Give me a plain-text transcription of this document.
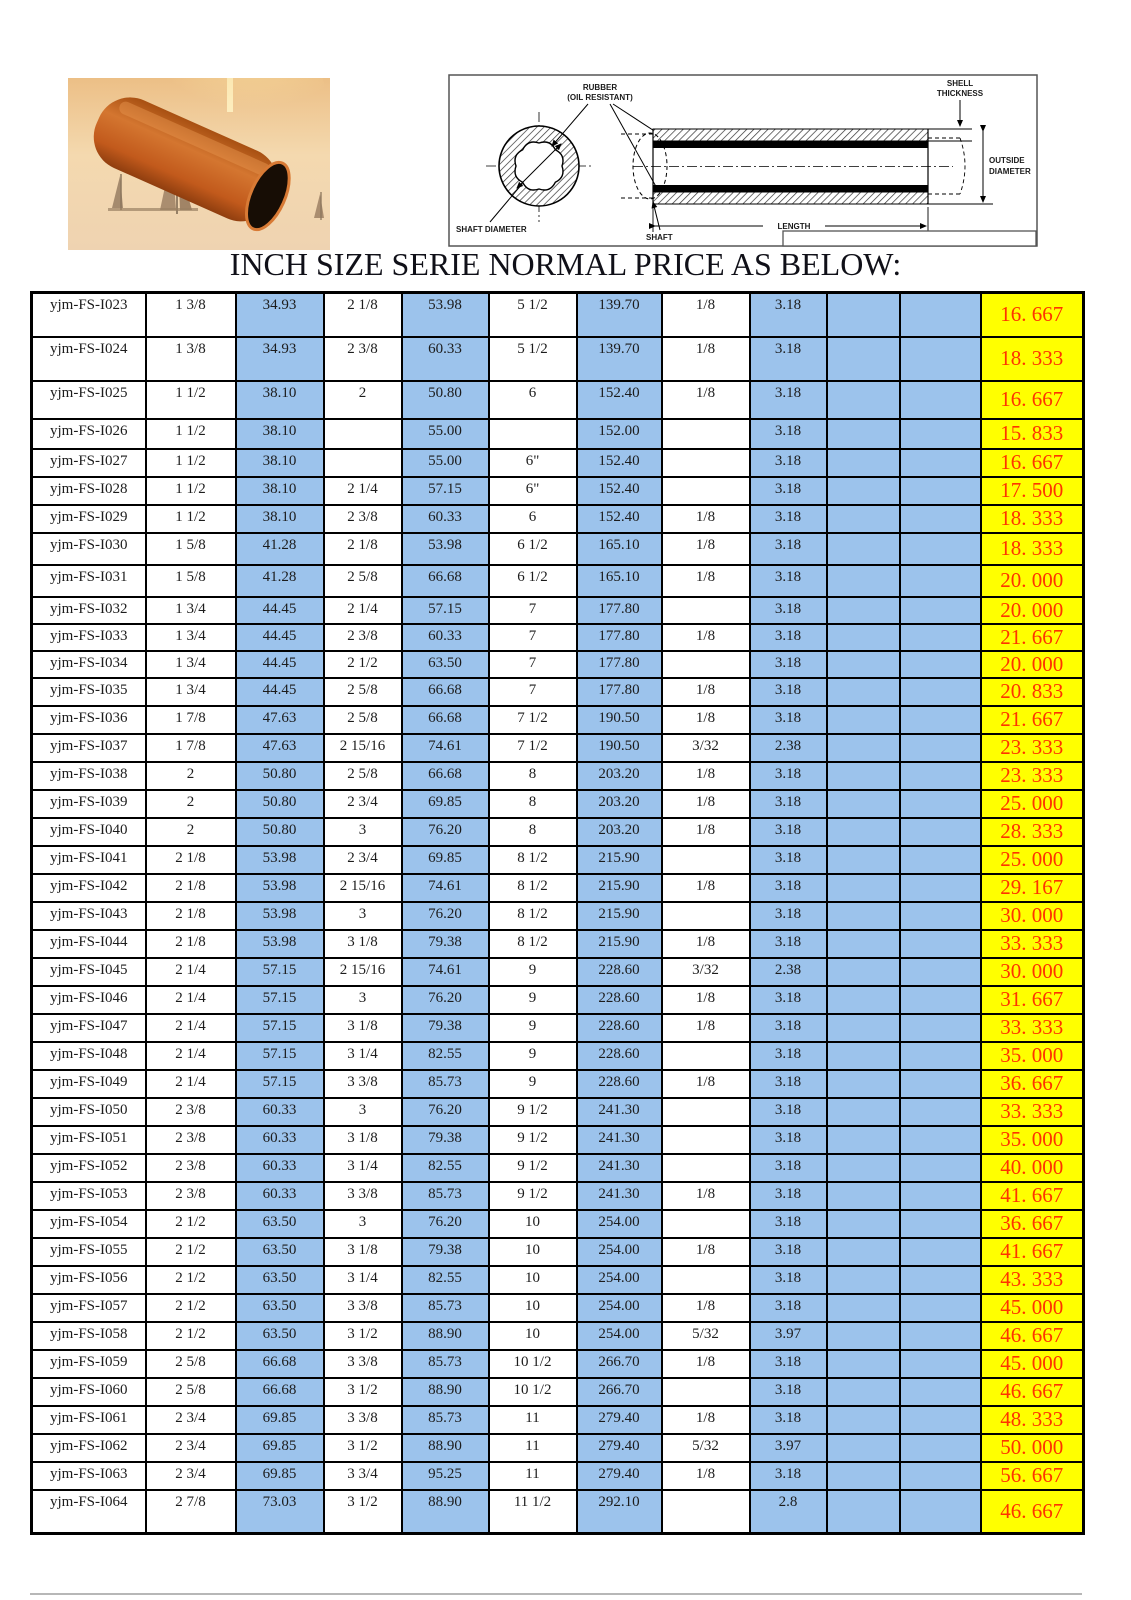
SHAFT DIAMETER
RUBBER
(OIL RESISTANT)
SHAFT
LENGTH
SHELL
THICKNESS
OUTSIDE
DIAMETER
INCH SIZE SERIE NORMAL PRICE AS BELOW:
yjm-FS-I023	1 3/8	34.93	2 1/8	53.98	5 1/2	139.70	1/8	3.18			16. 667
yjm-FS-I024	1 3/8	34.93	2 3/8	60.33	5 1/2	139.70	1/8	3.18			18. 333
yjm-FS-I025	1 1/2	38.10	2	50.80	6	152.40	1/8	3.18			16. 667
yjm-FS-I026	1 1/2	38.10		55.00		152.00		3.18			15. 833
yjm-FS-I027	1 1/2	38.10		55.00	6"	152.40		3.18			16. 667
yjm-FS-I028	1 1/2	38.10	2 1/4	57.15	6"	152.40		3.18			17. 500
yjm-FS-I029	1 1/2	38.10	2 3/8	60.33	6	152.40	1/8	3.18			18. 333
yjm-FS-I030	1 5/8	41.28	2 1/8	53.98	6 1/2	165.10	1/8	3.18			18. 333
yjm-FS-I031	1 5/8	41.28	2 5/8	66.68	6 1/2	165.10	1/8	3.18			20. 000
yjm-FS-I032	1 3/4	44.45	2 1/4	57.15	7	177.80		3.18			20. 000
yjm-FS-I033	1 3/4	44.45	2 3/8	60.33	7	177.80	1/8	3.18			21. 667
yjm-FS-I034	1 3/4	44.45	2 1/2	63.50	7	177.80		3.18			20. 000
yjm-FS-I035	1 3/4	44.45	2 5/8	66.68	7	177.80	1/8	3.18			20. 833
yjm-FS-I036	1 7/8	47.63	2 5/8	66.68	7 1/2	190.50	1/8	3.18			21. 667
yjm-FS-I037	1 7/8	47.63	2 15/16	74.61	7 1/2	190.50	3/32	2.38			23. 333
yjm-FS-I038	2	50.80	2 5/8	66.68	8	203.20	1/8	3.18			23. 333
yjm-FS-I039	2	50.80	2 3/4	69.85	8	203.20	1/8	3.18			25. 000
yjm-FS-I040	2	50.80	3	76.20	8	203.20	1/8	3.18			28. 333
yjm-FS-I041	2 1/8	53.98	2 3/4	69.85	8 1/2	215.90		3.18			25. 000
yjm-FS-I042	2 1/8	53.98	2 15/16	74.61	8 1/2	215.90	1/8	3.18			29. 167
yjm-FS-I043	2 1/8	53.98	3	76.20	8 1/2	215.90		3.18			30. 000
yjm-FS-I044	2 1/8	53.98	3 1/8	79.38	8 1/2	215.90	1/8	3.18			33. 333
yjm-FS-I045	2 1/4	57.15	2 15/16	74.61	9	228.60	3/32	2.38			30. 000
yjm-FS-I046	2 1/4	57.15	3	76.20	9	228.60	1/8	3.18			31. 667
yjm-FS-I047	2 1/4	57.15	3 1/8	79.38	9	228.60	1/8	3.18			33. 333
yjm-FS-I048	2 1/4	57.15	3 1/4	82.55	9	228.60		3.18			35. 000
yjm-FS-I049	2 1/4	57.15	3 3/8	85.73	9	228.60	1/8	3.18			36. 667
yjm-FS-I050	2 3/8	60.33	3	76.20	9 1/2	241.30		3.18			33. 333
yjm-FS-I051	2 3/8	60.33	3 1/8	79.38	9 1/2	241.30		3.18			35. 000
yjm-FS-I052	2 3/8	60.33	3 1/4	82.55	9 1/2	241.30		3.18			40. 000
yjm-FS-I053	2 3/8	60.33	3 3/8	85.73	9 1/2	241.30	1/8	3.18			41. 667
yjm-FS-I054	2 1/2	63.50	3	76.20	10	254.00		3.18			36. 667
yjm-FS-I055	2 1/2	63.50	3 1/8	79.38	10	254.00	1/8	3.18			41. 667
yjm-FS-I056	2 1/2	63.50	3 1/4	82.55	10	254.00		3.18			43. 333
yjm-FS-I057	2 1/2	63.50	3 3/8	85.73	10	254.00	1/8	3.18			45. 000
yjm-FS-I058	2 1/2	63.50	3 1/2	88.90	10	254.00	5/32	3.97			46. 667
yjm-FS-I059	2 5/8	66.68	3 3/8	85.73	10 1/2	266.70	1/8	3.18			45. 000
yjm-FS-I060	2 5/8	66.68	3 1/2	88.90	10 1/2	266.70		3.18			46. 667
yjm-FS-I061	2 3/4	69.85	3 3/8	85.73	11	279.40	1/8	3.18			48. 333
yjm-FS-I062	2 3/4	69.85	3 1/2	88.90	11	279.40	5/32	3.97			50. 000
yjm-FS-I063	2 3/4	69.85	3 3/4	95.25	11	279.40	1/8	3.18			56. 667
yjm-FS-I064	2 7/8	73.03	3 1/2	88.90	11 1/2	292.10		2.8			46. 667
